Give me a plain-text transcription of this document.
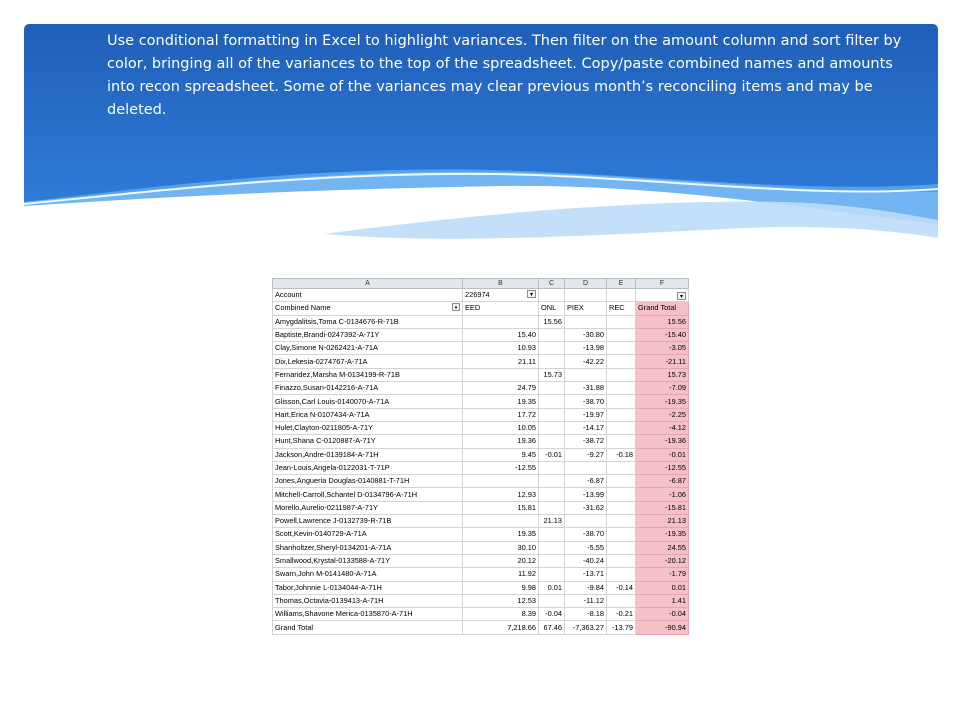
Use conditional formatting in Excel to highlight variances. Then filter on the amount column and sort filter by color, bringing all of the variances to the top of the spreadsheet. Copy/paste combined names and amounts into recon spreadsheet. Some of the variances may clear previous month’s reconciling items and may be deleted.
A	B	C	D	E	F
Account	226974 ▾				▾

Combined Name ▾	EED	ONL	PIEX	REC	Grand Total
Amygdalitsis,Toma C-0134676-R-71B		15.56			15.56
Baptiste,Brandi-0247392-A-71Y	15.40		-30.80		-15.40
Clay,Simone N-0262421-A-71A	10.93		-13.98		-3.05
Dix,Lekesia-0274767-A-71A	21.11		-42.22		-21.11
Fernandez,Marsha M-0134199-R-71B		15.73			15.73
Finazzo,Susan-0142216-A-71A	24.79		-31.88		-7.09
Glisson,Carl Louis-0140070-A-71A	19.35		-38.70		-19.35
Hart,Erica N-0107434-A-71A	17.72		-19.97		-2.25
Hulet,Clayton-0211805-A-71Y	10.05		-14.17		-4.12
Hunt,Shana C-0120887-A-71Y	19.36		-38.72		-19.36
Jackson,Andre-0139184-A-71H	9.45	-0.01	-9.27	-0.18	-0.01
Jean-Louis,Angela-0122031-T-71P	-12.55				-12.55
Jones,Angueria Douglas-0140881-T-71H			-6.87		-6.87
Mitchell-Carroll,Schantel D-0134796-A-71H	12.93		-13.99		-1.06
Morello,Aurelio-0211987-A-71Y	15.81		-31.62		-15.81
Powell,Lawrence J-0132739-R-71B		21.13			21.13
Scott,Kevin-0140729-A-71A	19.35		-38.70		-19.35
Shanholtzer,Sheryl-0134201-A-71A	30.10		-5.55		24.55
Smallwood,Krystal-0133588-A-71Y	20.12		-40.24		-20.12
Swarn,John M-0141480-A-71A	11.92		-13.71		-1.79
Tabor,Johnnie L-0134044-A-71H	9.98	0.01	-9.84	-0.14	0.01
Thomas,Octavia-0139413-A-71H	12.53		-11.12		1.41
Williams,Shavone Merica-0135870-A-71H	8.39	-0.04	-8.18	-0.21	-0.04
Grand Total	7,218.66	67.46	-7,363.27	-13.79	-90.94
